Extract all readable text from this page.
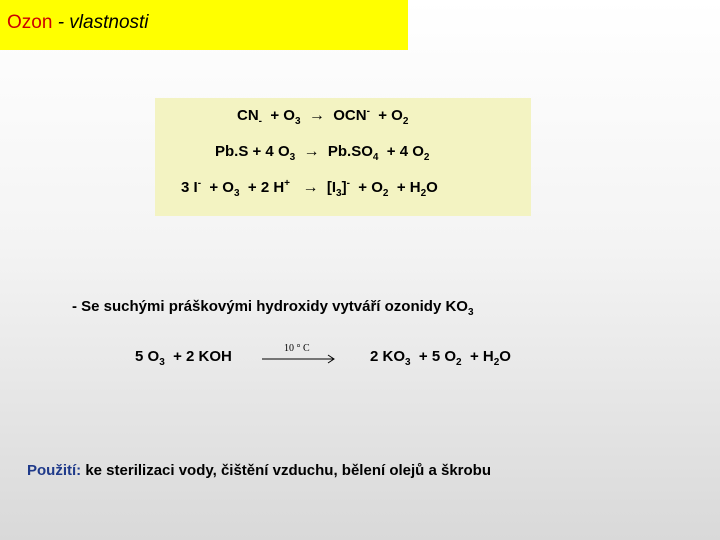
Ozon - vlastnosti
$CN_- + O_3 \to OCN^- + O_2$
Pb.S + 4 $O_3 \to Pb.SO_4 + 4$ $O_2$
3 $I^- + O_3 + 2$ $H^+ \to [I_3]^- + O_2 + H_2O$
- Se suchými práškovými hydroxidy vytváří ozonidy $KO_3$
5 $O_3 + 2$ KOH	10 ° C	2 $KO_3 + 5$ $O_2 + H_2O$
Použití: ke sterilizaci vody, čištění vzduchu, bělení olejů a škrobu
